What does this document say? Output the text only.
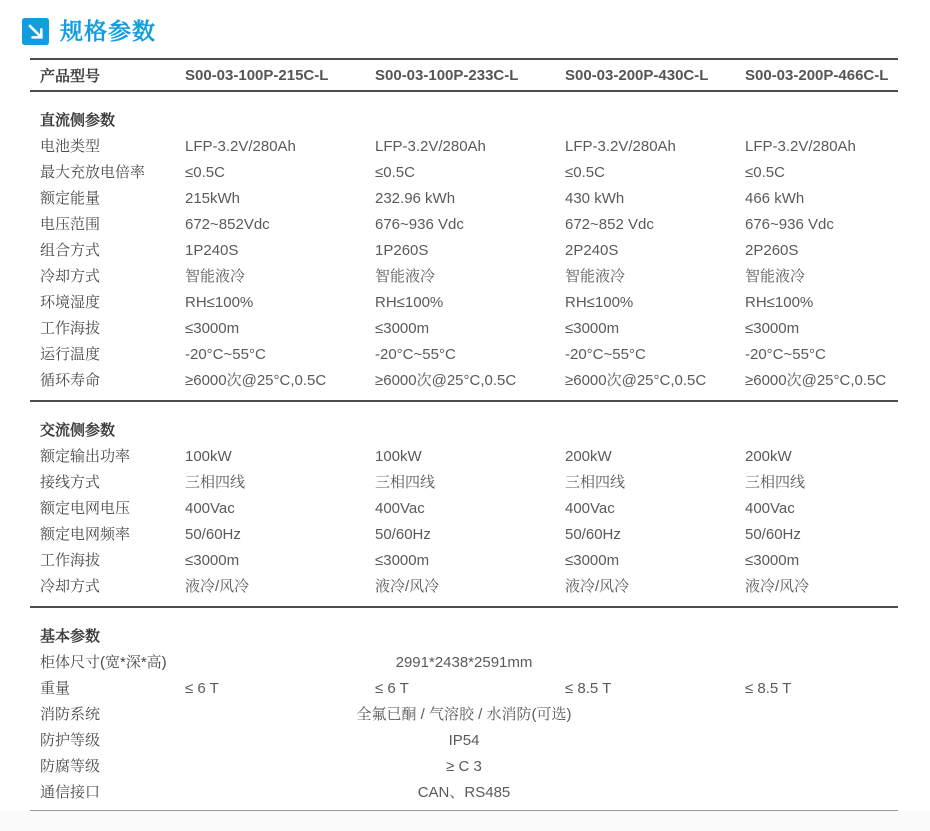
规格参数
产品型号	S00-03-100P-215C-L	S00-03-100P-233C-L	S00-03-200P-430C-L	S00-03-200P-466C-L
直流侧参数
电池类型	LFP-3.2V/280Ah	LFP-3.2V/280Ah	LFP-3.2V/280Ah	LFP-3.2V/280Ah
最大充放电倍率	≤0.5C	≤0.5C	≤0.5C	≤0.5C
额定能量	215kWh	232.96 kWh	430 kWh	466 kWh
电压范围	672~852Vdc	676~936 Vdc	672~852 Vdc	676~936 Vdc
组合方式	1P240S	1P260S	2P240S	2P260S
冷却方式	智能液冷	智能液冷	智能液冷	智能液冷
环境湿度	RH≤100%	RH≤100%	RH≤100%	RH≤100%
工作海拔	≤3000m	≤3000m	≤3000m	≤3000m
运行温度	-20°C~55°C	-20°C~55°C	-20°C~55°C	-20°C~55°C
循环寿命	≥6000次@25°C,0.5C	≥6000次@25°C,0.5C	≥6000次@25°C,0.5C	≥6000次@25°C,0.5C
交流侧参数
额定输出功率	100kW	100kW	200kW	200kW
接线方式	三相四线	三相四线	三相四线	三相四线
额定电网电压	400Vac	400Vac	400Vac	400Vac
额定电网频率	50/60Hz	50/60Hz	50/60Hz	50/60Hz
工作海拔	≤3000m	≤3000m	≤3000m	≤3000m
冷却方式	液冷/风冷	液冷/风冷	液冷/风冷	液冷/风冷
基本参数
柜体尺寸(宽*深*高)	2991*2438*2591mm
重量	≤ 6 T	≤ 6 T	≤ 8.5 T	≤ 8.5 T
消防系统	全氟已酮 / 气溶胶 / 水消防(可选)
防护等级	IP54
防腐等级	≥ C 3
通信接口	CAN、RS485
